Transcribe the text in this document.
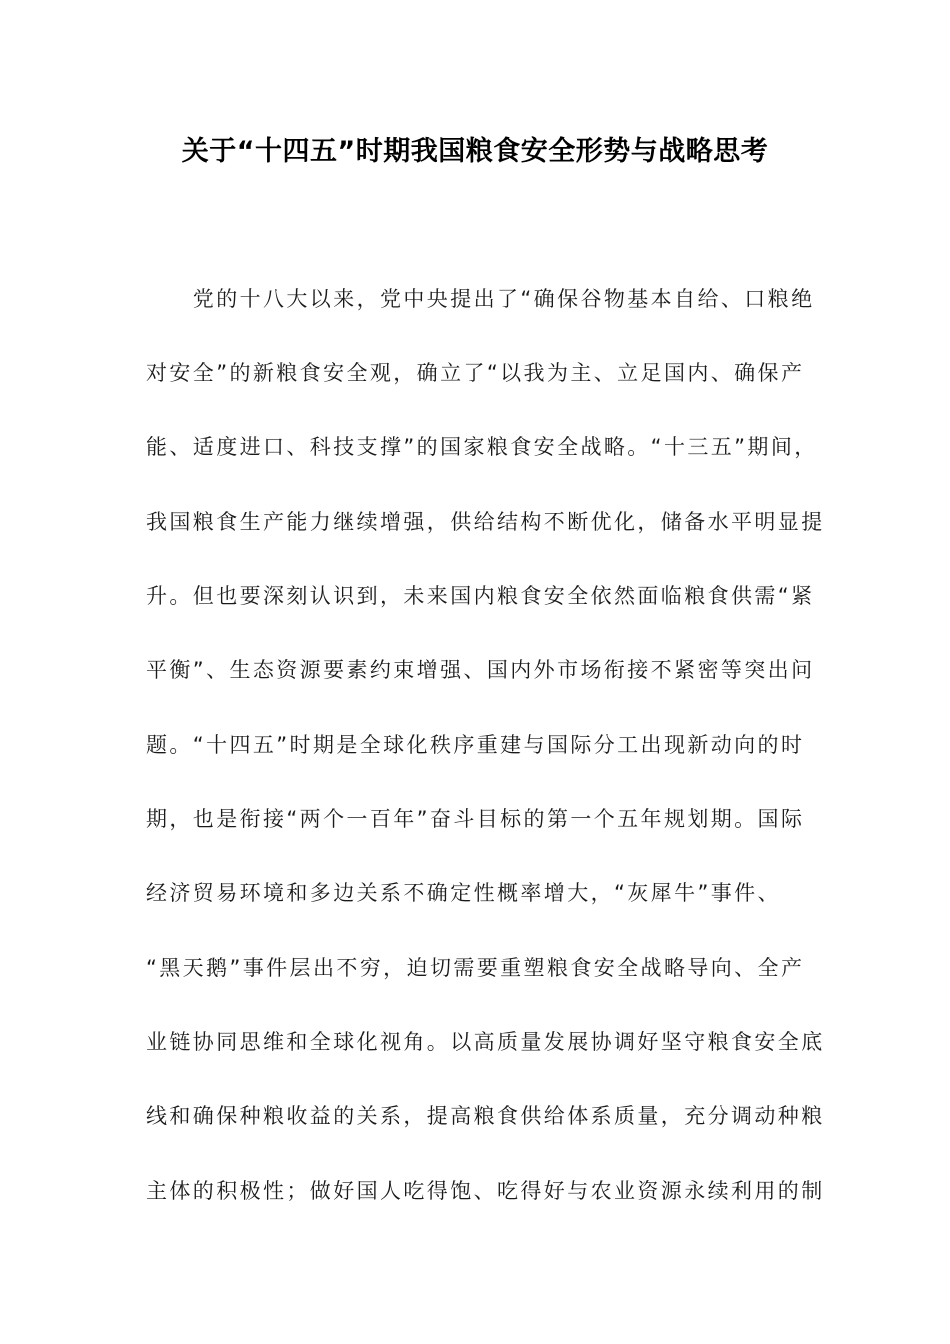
关于“十四五”时期我国粮食安全形势与战略思考
　　党的十八大以来，党中央提出了“确保谷物基本自给、口粮绝
对安全”的新粮食安全观，确立了“以我为主、立足国内、确保产
能、适度进口、科技支撑”的国家粮食安全战略。“十三五”期间，
我国粮食生产能力继续增强，供给结构不断优化，储备水平明显提
升。但也要深刻认识到，未来国内粮食安全依然面临粮食供需“紧
平衡”、生态资源要素约束增强、国内外市场衔接不紧密等突出问
题。“十四五”时期是全球化秩序重建与国际分工出现新动向的时
期，也是衔接“两个一百年”奋斗目标的第一个五年规划期。国际
经济贸易环境和多边关系不确定性概率增大，“灰犀牛”事件、
“黑天鹅”事件层出不穷，迫切需要重塑粮食安全战略导向、全产
业链协同思维和全球化视角。以高质量发展协调好坚守粮食安全底
线和确保种粮收益的关系，提高粮食供给体系质量，充分调动种粮
主体的积极性；做好国人吃得饱、吃得好与农业资源永续利用的制
